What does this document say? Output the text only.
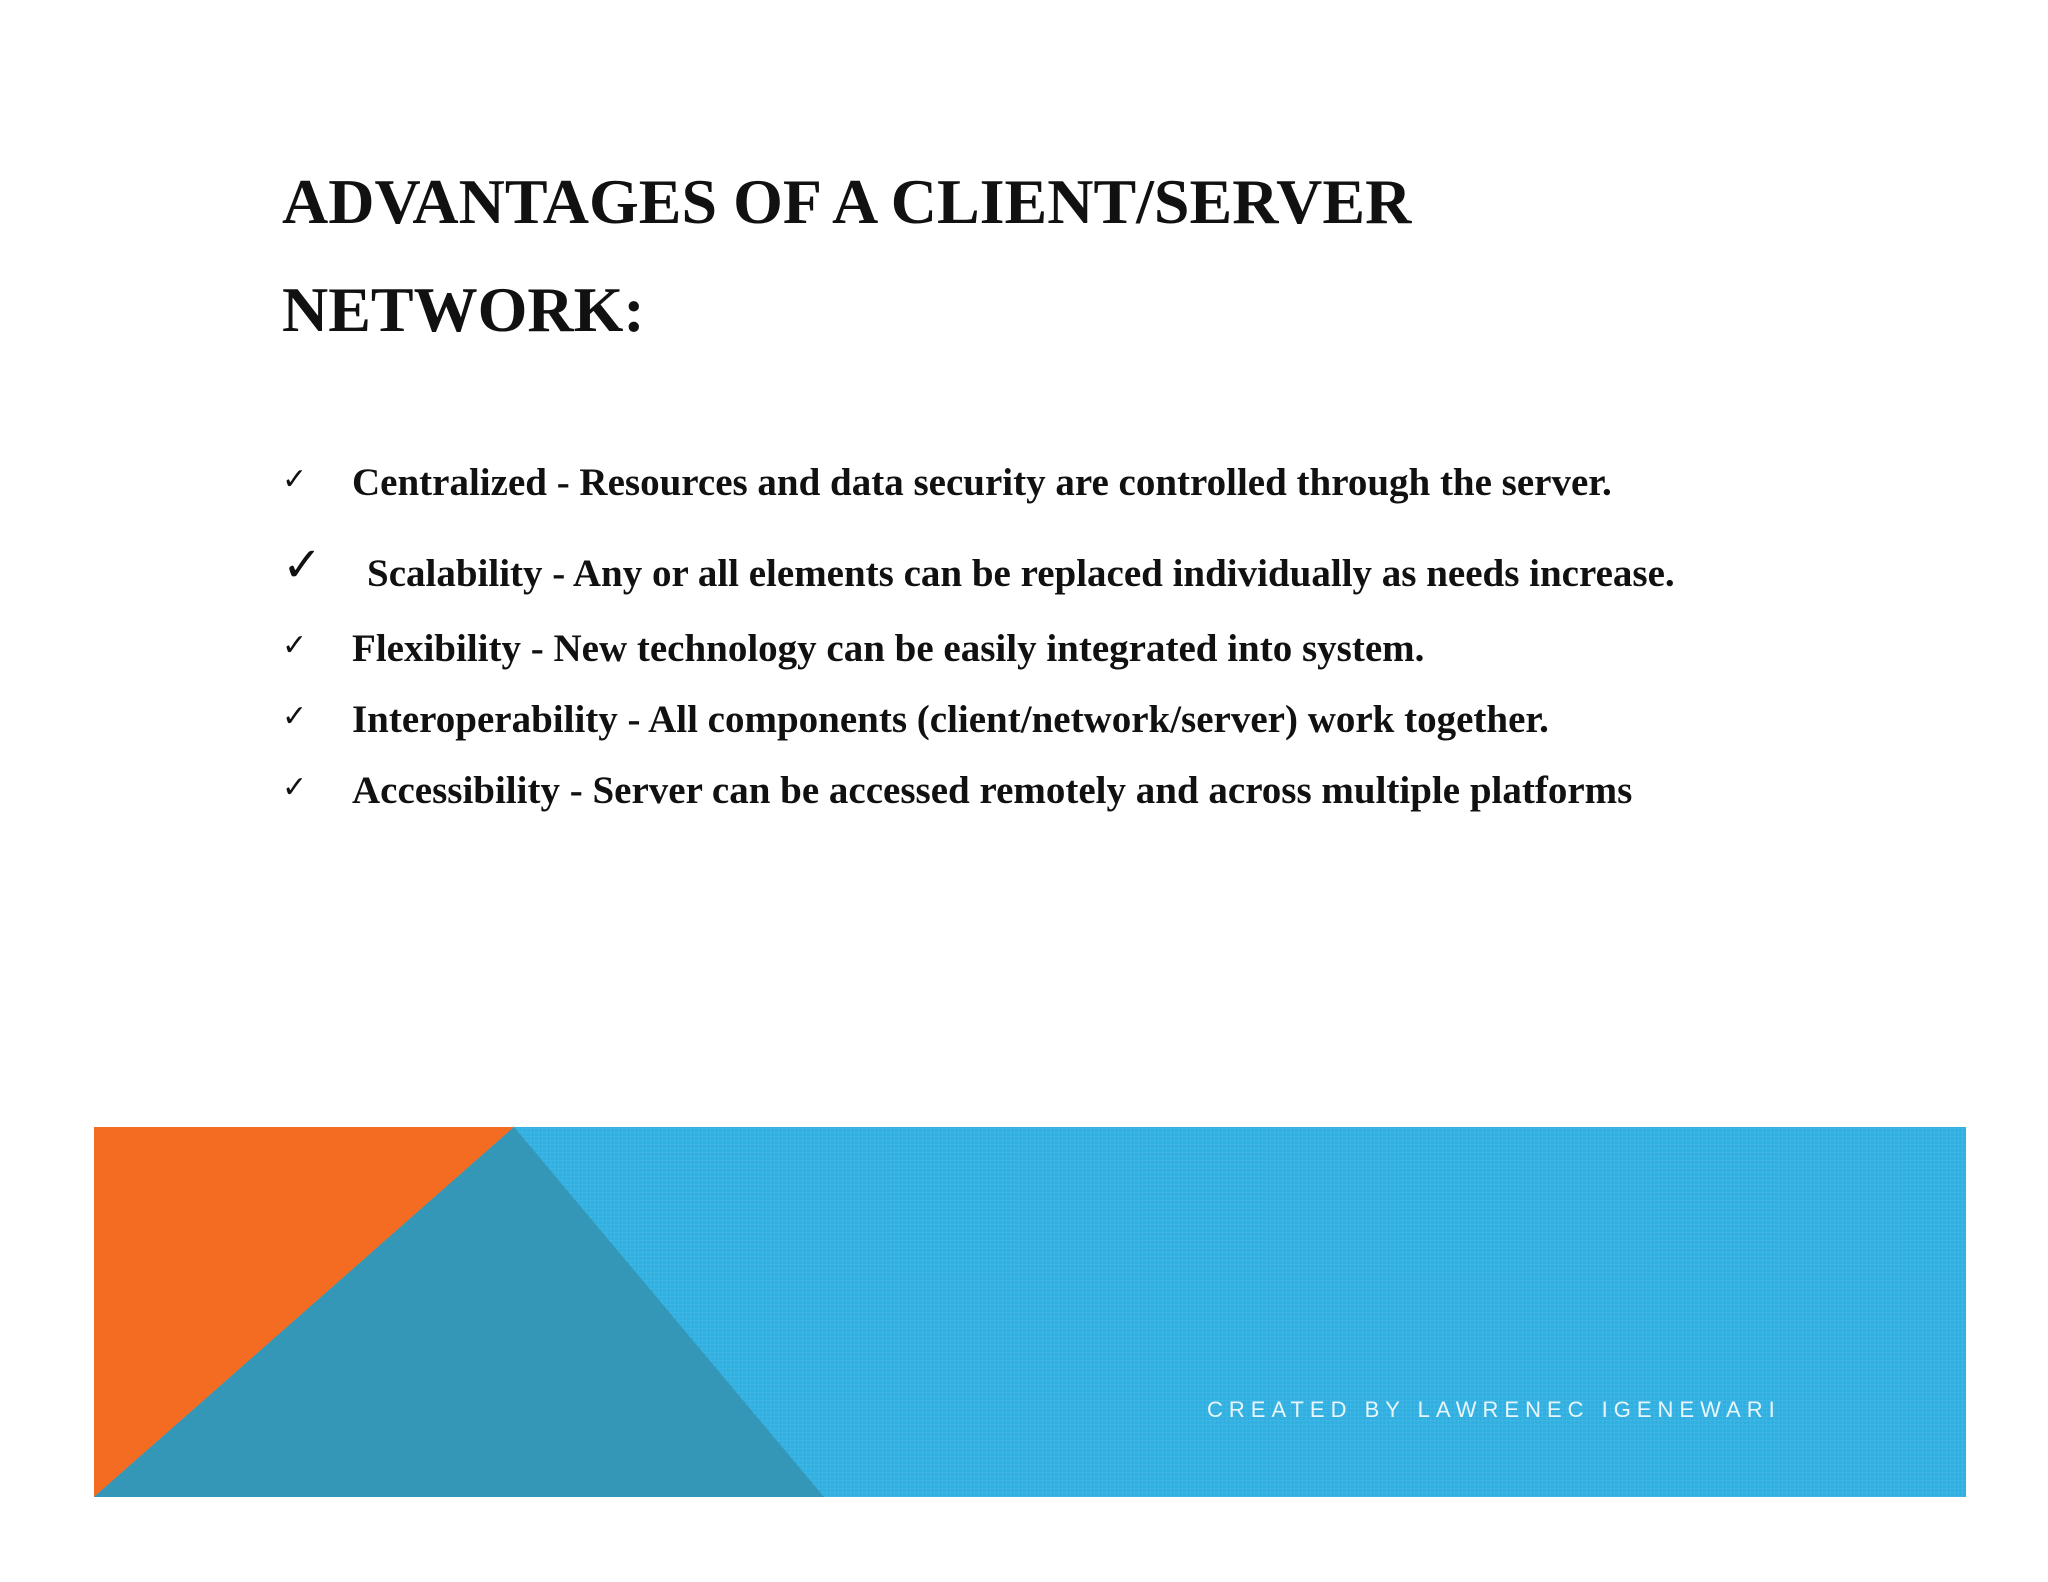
ADVANTAGES OF A CLIENT/SERVER
NETWORK:
✓ Centralized - Resources and data security are controlled through the server.
✓ Scalability - Any or all elements can be replaced individually as needs increase.
✓ Flexibility - New technology can be easily integrated into system.
✓ Interoperability - All components (client/network/server) work together.
✓ Accessibility - Server can be accessed remotely and across multiple platforms
CREATED BY LAWRENEC IGENEWARI
